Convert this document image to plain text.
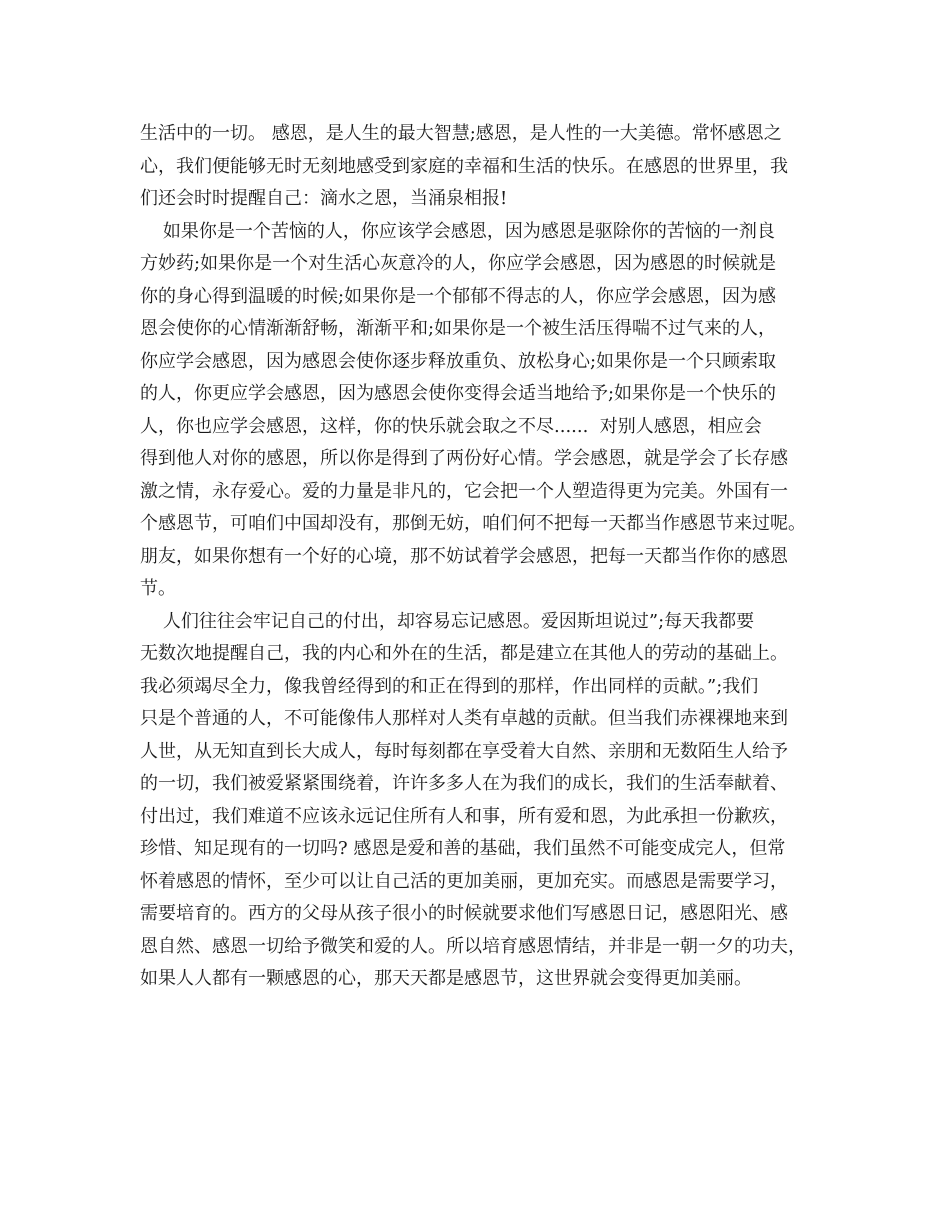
生活中的一切。 感恩，是人生的最大智慧;感恩，是人性的一大美德。常怀感恩之
心，我们便能够无时无刻地感受到家庭的幸福和生活的快乐。在感恩的世界里，我
们还会时时提醒自己：滴水之恩，当涌泉相报!
如果你是一个苦恼的人，你应该学会感恩，因为感恩是驱除你的苦恼的一剂良
方妙药;如果你是一个对生活心灰意冷的人，你应学会感恩，因为感恩的时候就是
你的身心得到温暖的时候;如果你是一个郁郁不得志的人，你应学会感恩，因为感
恩会使你的心情渐渐舒畅，渐渐平和;如果你是一个被生活压得喘不过气来的人，
你应学会感恩，因为感恩会使你逐步释放重负、放松身心;如果你是一个只顾索取
的人，你更应学会感恩，因为感恩会使你变得会适当地给予;如果你是一个快乐的
人，你也应学会感恩，这样，你的快乐就会取之不尽......  对别人感恩，相应会
得到他人对你的感恩，所以你是得到了两份好心情。学会感恩，就是学会了长存感
激之情，永存爱心。爱的力量是非凡的，它会把一个人塑造得更为完美。外国有一
个感恩节，可咱们中国却没有，那倒无妨，咱们何不把每一天都当作感恩节来过呢。
朋友，如果你想有一个好的心境，那不妨试着学会感恩，把每一天都当作你的感恩
节。
人们往往会牢记自己的付出，却容易忘记感恩。爱因斯坦说过”;每天我都要
无数次地提醒自己，我的内心和外在的生活，都是建立在其他人的劳动的基础上。
我必须竭尽全力，像我曾经得到的和正在得到的那样，作出同样的贡献。”;我们
只是个普通的人，不可能像伟人那样对人类有卓越的贡献。但当我们赤裸裸地来到
人世，从无知直到长大成人，每时每刻都在享受着大自然、亲朋和无数陌生人给予
的一切，我们被爱紧紧围绕着，许许多多人在为我们的成长，我们的生活奉献着、
付出过，我们难道不应该永远记住所有人和事，所有爱和恩，为此承担一份歉疚，
珍惜、知足现有的一切吗? 感恩是爱和善的基础，我们虽然不可能变成完人，但常
怀着感恩的情怀，至少可以让自己活的更加美丽，更加充实。而感恩是需要学习，
需要培育的。西方的父母从孩子很小的时候就要求他们写感恩日记，感恩阳光、感
恩自然、感恩一切给予微笑和爱的人。所以培育感恩情结，并非是一朝一夕的功夫，
如果人人都有一颗感恩的心，那天天都是感恩节，这世界就会变得更加美丽。
